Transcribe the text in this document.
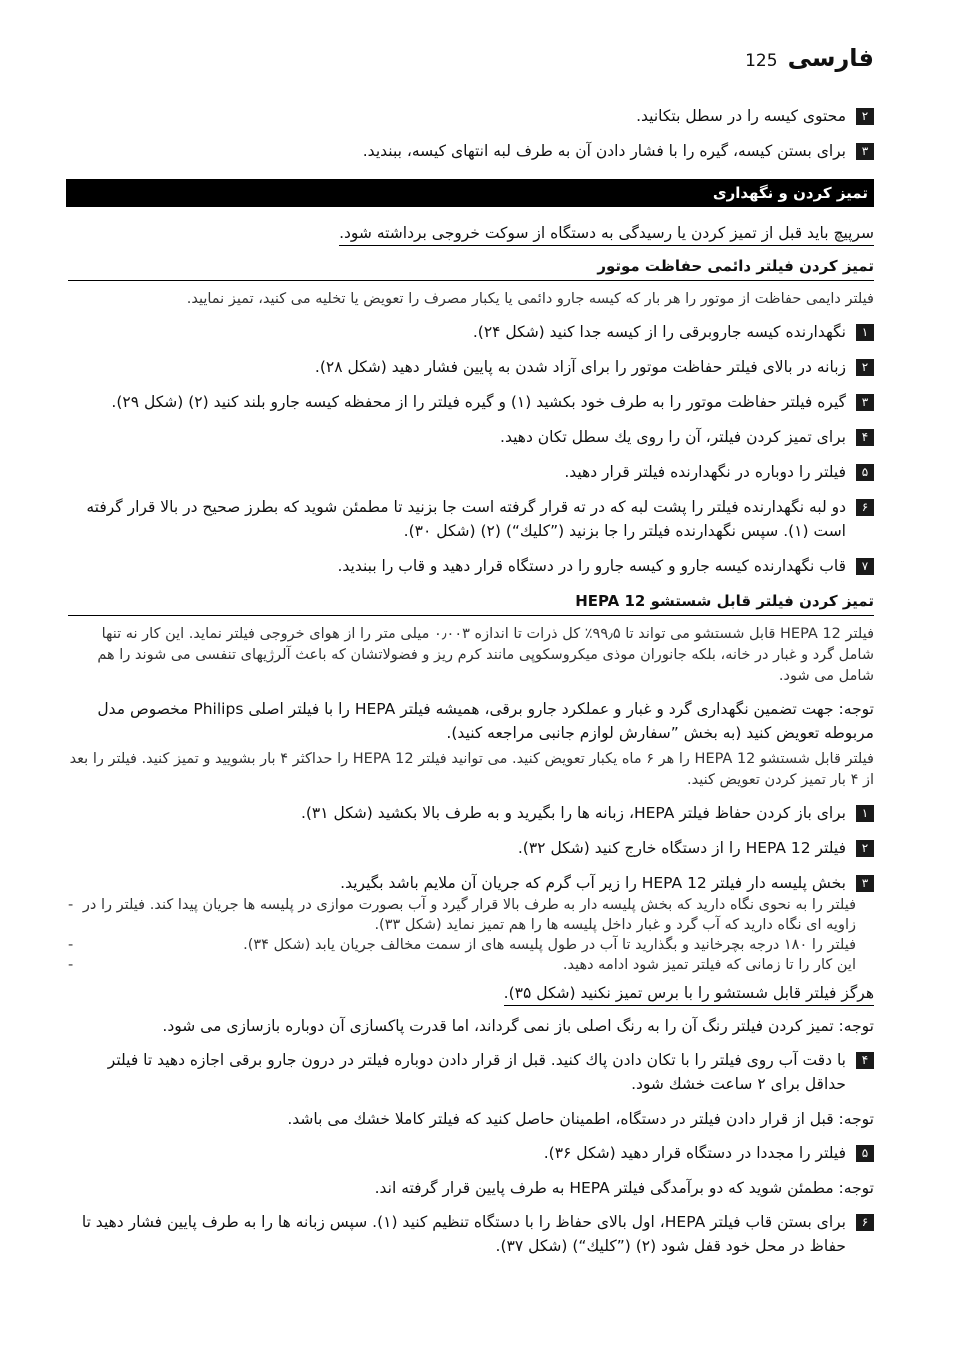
فارسی
125
۲
محتوی کیسه را در سطل بتکانید.
۳
برای بستن کیسه، گیره را با فشار دادن آن به طرف لبه انتهای کیسه، ببندید.
تمیز کردن و نگهداری
سرپیچ باید قبل از تمیز کردن یا رسیدگی به دستگاه از سوکت خروجی برداشته شود.
تمیز کردن فیلتر دائمی حفاظت موتور
فیلتر دایمی حفاظت از موتور را هر بار که کیسه جارو دائمی یا یکبار مصرف را تعویض یا تخلیه می کنید، تمیز نمایید.
۱
نگهدارنده کیسه جاروبرقی را از کیسه جدا کنید (شکل ۲۴).
۲
زبانه در بالای فیلتر حفاظت موتور را برای آزاد شدن به پایین فشار دهید (شکل ۲۸).
۳
گیره فیلتر حفاظت موتور را به طرف خود بکشید (۱) و گیره فیلتر را از محفظه کیسه جارو بلند کنید (۲) (شکل ۲۹).
۴
برای تمیز کردن فیلتر، آن را روی یك سطل تکان دهید.
۵
فیلتر را دوباره در نگهدارنده فیلتر قرار دهید.
۶
دو لبه نگهدارنده فیلتر را پشت لبه که در ته قرار گرفته است جا بزنید تا مطمئن شوید که بطرز صحیح در بالا قرار گرفته است (۱). سپس نگهدارنده فیلتر را جا بزنید (”کلیك“) (۲) (شکل ۳۰).
۷
قاب نگهدارنده کیسه جارو و کیسه جارو را در دستگاه قرار دهید و قاب را ببندید.
تمیز کردن فیلتر قابل شستشو HEPA 12
فیلتر HEPA 12 قابل شستشو می تواند تا ۹۹٫۵٪ کل ذرات تا اندازه ۰٫۰۰۳ میلی متر را از هوای خروجی فیلتر نماید. این کار نه تنها شامل گرد و غبار در خانه، بلکه جانوران موذی میکروسکوپی مانند کرم ریز و فضولاتشان که باعث آلرژیهای تنفسی می شوند را هم شامل می شود.
توجه: جهت تضمین نگهداری گرد و غبار و عملکرد جارو برقی، همیشه فیلتر HEPA را با فیلتر اصلی Philips مخصوص مدل مربوطه تعویض کنید (به بخش ”سفارش لوازم جانبی مراجعه کنید).
فیلتر قابل شستشو HEPA 12 را هر ۶ ماه یکبار تعویض کنید. می توانید فیلتر HEPA 12 را حداکثر ۴ بار بشویید و تمیز کنید. فیلتر را بعد از ۴ بار تمیز کردن تعویض کنید.
۱
برای باز کردن حفاظ فیلتر HEPA، زبانه ها را بگیرید و به طرف بالا بکشید (شکل ۳۱).
۲
فیلتر HEPA 12 را از دستگاه خارج کنید (شکل ۳۲).
۳
بخش پلیسه دار فیلتر HEPA 12 را زیر آب گرم که جریان آن ملایم باشد بگیرید.
- فیلتر را به نحوی نگاه دارید که بخش پلیسه دار به طرف بالا قرار گیرد و آب بصورت موازی در پلیسه ها جریان پیدا کند. فیلتر را در زاویه ای نگاه دارید که آب گرد و غبار داخل پلیسه ها را هم تمیز نماید (شکل ۳۳).
- فیلتر را ۱۸۰ درجه بچرخانید و بگذارید تا آب در طول پلیسه های از سمت مخالف جریان یابد (شکل ۳۴).
- این کار را تا زمانی که فیلتر تمیز شود ادامه دهید.
هرگز فیلتر قابل شستشو را با برس تمیز نکنید (شکل ۳۵).
توجه: تمیز کردن فیلتر رنگ آن را به رنگ اصلی باز نمی گرداند، اما قدرت پاکسازی آن دوباره بازسازی می شود.
۴
با دقت آب روی فیلتر را با تکان دادن پاك کنید. قبل از قرار دادن دوباره فیلتر در درون جارو برقی اجازه دهید تا فیلتر حداقل برای ۲ ساعت خشك شود.
توجه: قبل از قرار دادن فیلتر در دستگاه، اطمینان حاصل کنید که فیلتر کاملا خشك می باشد.
۵
فیلتر را مجددا در دستگاه قرار دهید (شکل ۳۶).
توجه: مطمئن شوید که دو برآمدگی فیلتر HEPA به طرف پایین قرار گرفته اند.
۶
برای بستن قاب فیلتر HEPA، اول بالای حفاظ را با دستگاه تنظیم کنید (۱). سپس زبانه ها را به طرف پایین فشار دهید تا حفاظ در محل خود قفل شود (۲) (”کلیك“) (شکل ۳۷).
